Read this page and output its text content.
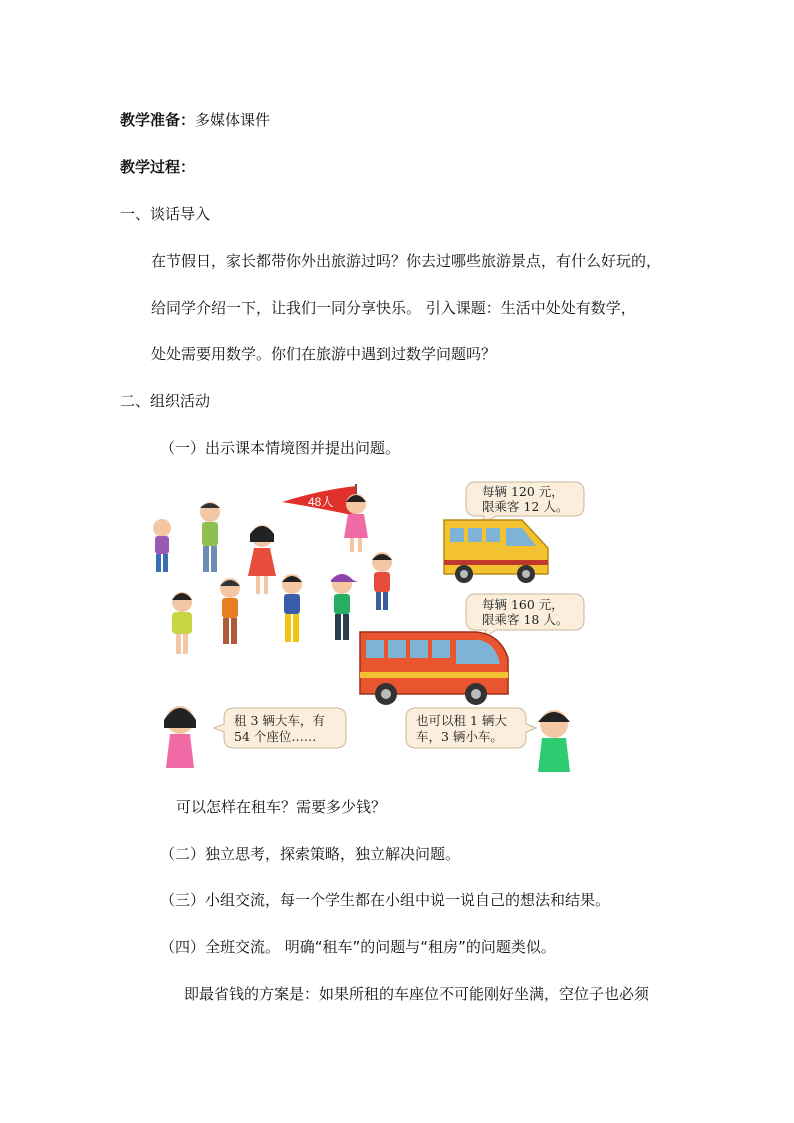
教学准备：多媒体课件
教学过程：
一、谈话导入
在节假日，家长都带你外出旅游过吗？你去过哪些旅游景点，有什么好玩的，
给同学介绍一下，让我们一同分享快乐。 引入课题：生活中处处有数学，
处处需要用数学。你们在旅游中遇到过数学问题吗？
二、组织活动
（一）出示课本情境图并提出问题。
48人
每辆 120 元，
限乘客 12 人。
每辆 160 元，
限乘客 18 人。
租 3 辆大车，有
54 个座位……
也可以租 1 辆大
车，3 辆小车。
可以怎样在租车？需要多少钱？
（二）独立思考，探索策略，独立解决问题。
（三）小组交流，每一个学生都在小组中说一说自己的想法和结果。
（四）全班交流。 明确“租车”的问题与“租房”的问题类似。
即最省钱的方案是：如果所租的车座位不可能刚好坐满，空位子也必须
